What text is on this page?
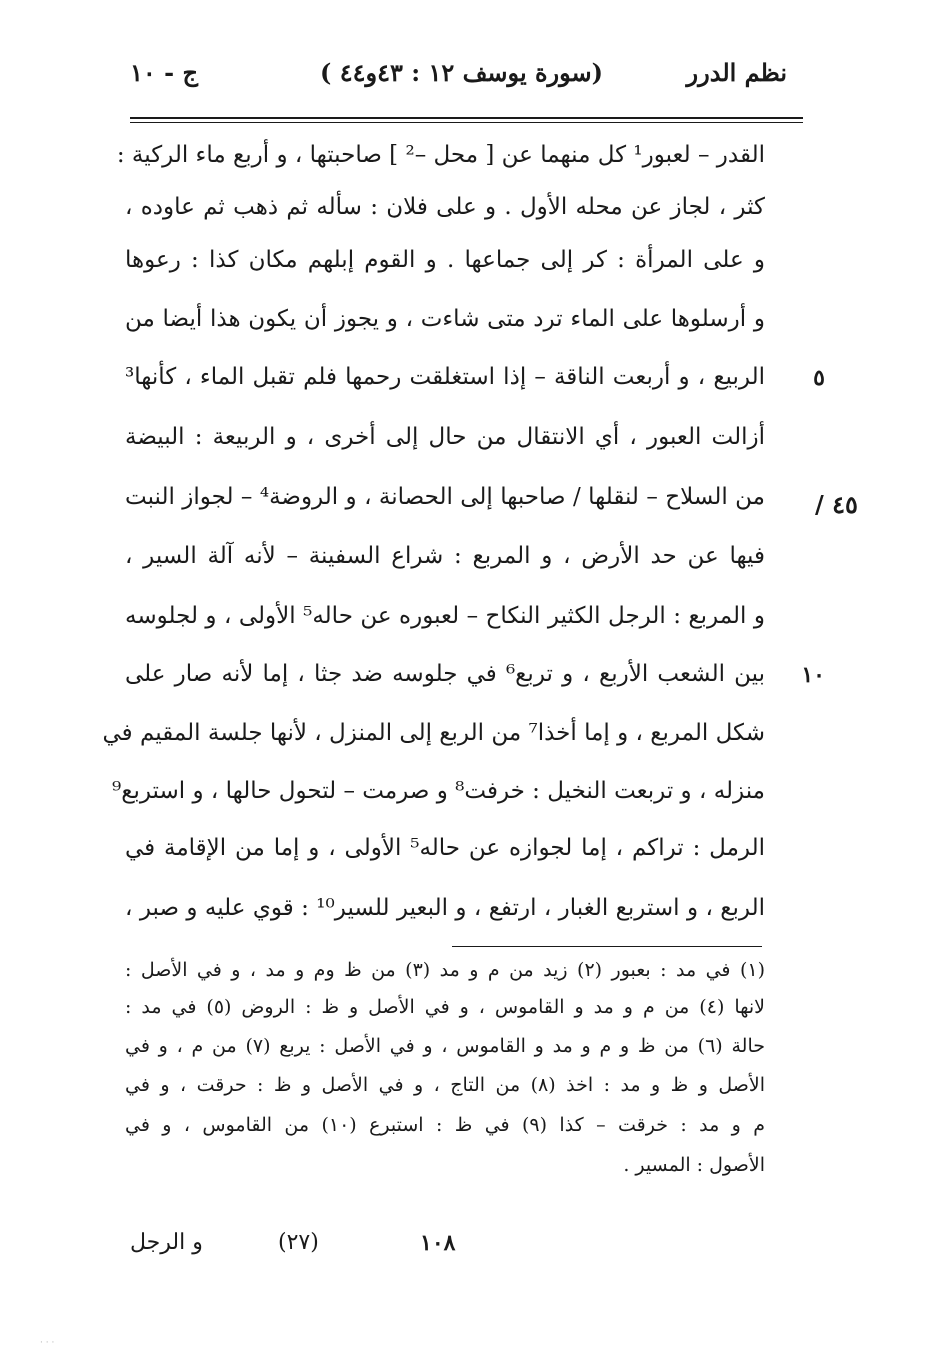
نظم الدرر
(سورة يوسف ١٢ : ٤٣و٤٤ )
ج - ١٠
٤٥ /
القدر – لعبور¹ كل منهما عن [ محل –² ] صاحبتها ، و أربع ماء الركية :
كثر ، لجاز عن محله الأول . و على فلان : سأله ثم ذهب ثم عاوده ،
و على المرأة : كر إلى جماعها . و القوم إبلهم مكان كذا : رعوها
و أرسلوها على الماء ترد متى شاءت ، و يجوز أن يكون هذا أيضا من
الربيع ، و أربعت الناقة – إذا استغلقت رحمها فلم تقبل الماء ، كأنها³ ٥
أزالت العبور ، أي الانتقال من حال إلى أخرى ، و الربيعة : البيضة
من السلاح – لنقلها / صاحبها إلى الحصانة ، و الروضة⁴ – لجواز النبت
فيها عن حد الأرض ، و المربع : شراع السفينة – لأنه آلة السير ،
و المربع : الرجل الكثير النكاح – لعبوره عن حاله⁵ الأولى ، و لجلوسه
بين الشعب الأربع ، و تربع⁶ في جلوسه ضد جثا ، إما لأنه صار على ١٠
شكل المربع ، و إما أخذا⁷ من الربع إلى المنزل ، لأنها جلسة المقيم في
منزله ، و تربعت النخيل : خرفت⁸ و صرمت – لتحول حالها ، و استربع⁹
الرمل : تراكم ، إما لجوازه عن حاله⁵ الأولى ، و إما من الإقامة في
الربع ، و استربع الغبار ، ارتفع ، و البعير للسير¹⁰ : قوي عليه و صبر ،
(١) في مد : بعبور (٢) زيد من م و مد (٣) من ظ وم و مد ، و في الأصل :
لانها (٤) من م و مد و القاموس ، و في الأصل و ظ : الروض (٥) في مد :
حالة (٦) من ظ و م و مد و القاموس ، و في الأصل : يربع (٧) من م ، و في
الأصل و ظ و مد : اخذ (٨) من التاج ، و في الأصل و ظ : حرقت ، و في
م و مد : خرقت – كذا (٩) في ظ : استبرع (١٠) من القاموس ، و في
الأصول : المسير .
١٠٨
(٢٧)
و الرجل
· · ·
